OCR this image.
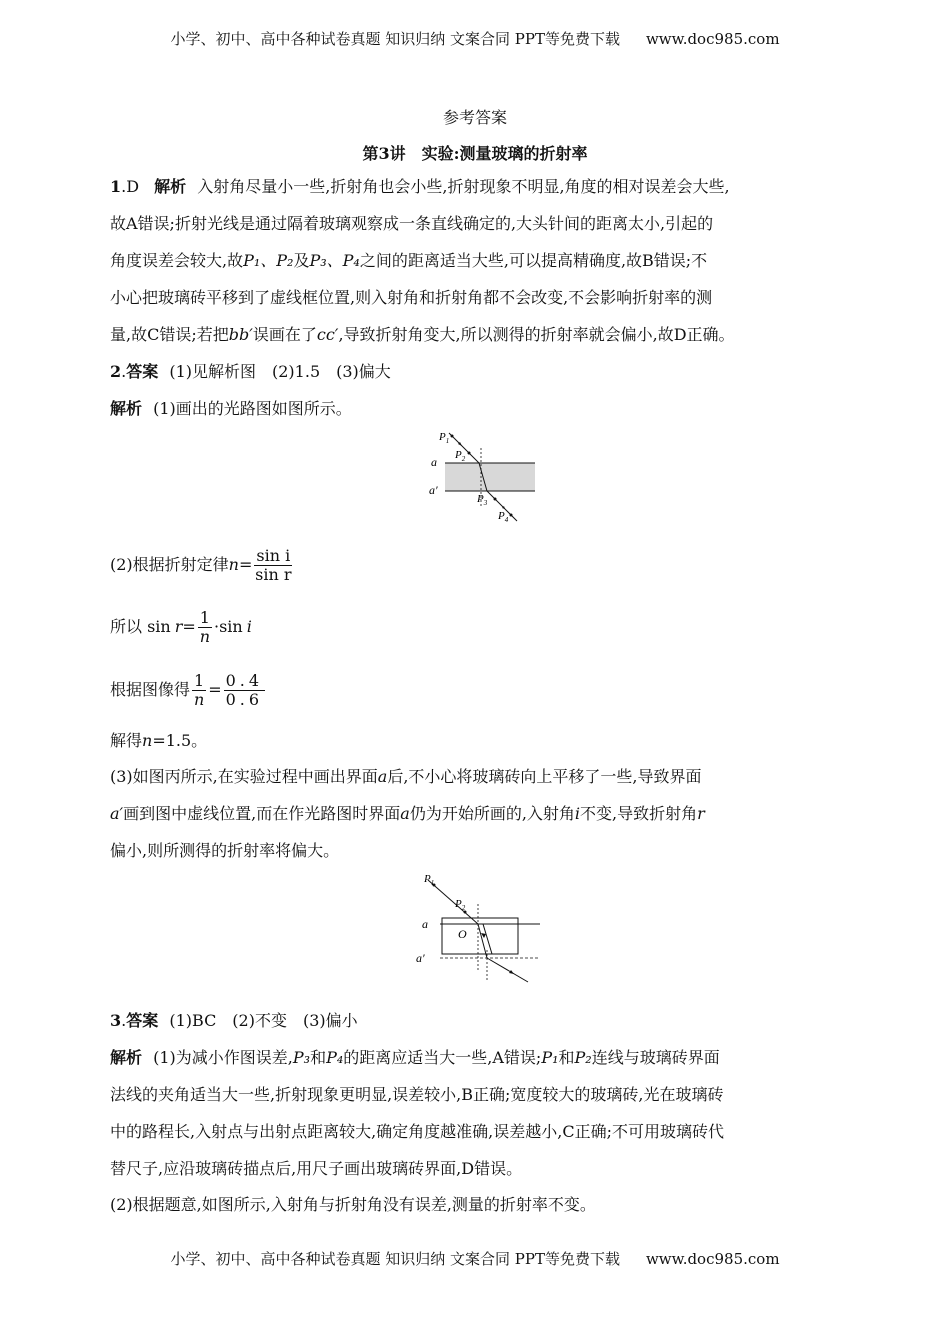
小学、初中、高中各种试卷真题 知识归纳 文案合同 PPT等免费下载 www.doc985.com
参考答案
第3讲　实验:测量玻璃的折射率
1.D 解析 入射角尽量小一些,折射角也会小些,折射现象不明显,角度的相对误差会大些,
故A错误;折射光线是通过隔着玻璃观察成一条直线确定的,大头针间的距离太小,引起的
角度误差会较大,故P₁、P₂及P₃、P₄之间的距离适当大些,可以提高精确度,故B错误;不
小心把玻璃砖平移到了虚线框位置,则入射角和折射角都不会改变,不会影响折射率的测
量,故C错误;若把bb′误画在了cc′,导致折射角变大,所以测得的折射率就会偏小,故D正确。
2.答案 (1)见解析图　(2)1.5　(3)偏大
解析 (1)画出的光路图如图所示。
$P_1$
$P_2$
$P_3$
$P_4$
a
a′
(2)根据折射定律$n= \frac{\text{sin i}}{\text{sin r}}$
所以 $\sin r= \frac{1}{n} \cdot\sin$ i
根据图像得 $\frac{1}{n} = \frac{0.4}{0.6}$
解得n=1.5。
(3)如图丙所示,在实验过程中画出界面a后,不小心将玻璃砖向上平移了一些,导致界面
a′画到图中虚线位置,而在作光路图时界面a仍为开始所画的,入射角i不变,导致折射角r
偏小,则所测得的折射率将偏大。
$P_1$
$P_2$
a
a′
O
3.答案 (1)BC　(2)不变　(3)偏小
解析 (1)为减小作图误差,P₃和P₄的距离应适当大一些,A错误;P₁和P₂连线与玻璃砖界面
法线的夹角适当大一些,折射现象更明显,误差较小,B正确;宽度较大的玻璃砖,光在玻璃砖
中的路程长,入射点与出射点距离较大,确定角度越准确,误差越小,C正确;不可用玻璃砖代
替尺子,应沿玻璃砖描点后,用尺子画出玻璃砖界面,D错误。
(2)根据题意,如图所示,入射角与折射角没有误差,测量的折射率不变。
小学、初中、高中各种试卷真题 知识归纳 文案合同 PPT等免费下载 www.doc985.com
